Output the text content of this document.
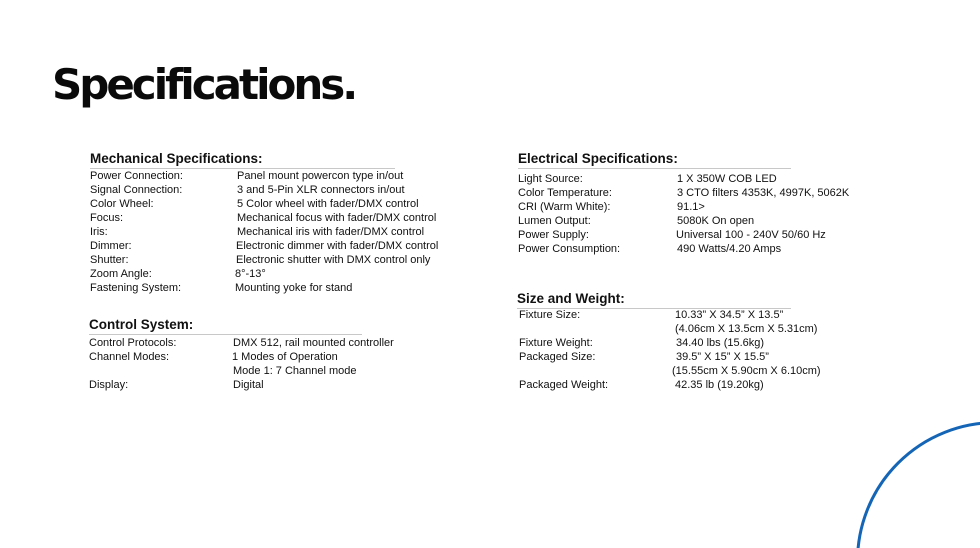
Specifications.
Mechanical Specifications:
Power Connection:	Panel mount powercon type in/out
Signal Connection:	3 and 5-Pin XLR connectors in/out
Color Wheel:	5 Color wheel with fader/DMX control
Focus:	Mechanical focus with fader/DMX control
Iris:	Mechanical iris with fader/DMX control
Dimmer:	Electronic dimmer with fader/DMX control
Shutter:	Electronic shutter with DMX control only
Zoom Angle:	8°-13°
Fastening System:	Mounting yoke for stand
Control System:
Control Protocols:	DMX 512, rail mounted controller
Channel Modes:	1 Modes of Operation
Mode 1: 7 Channel mode
Display:	Digital
Electrical Specifications:
Light Source:	1 X 350W COB LED
Color Temperature:	3 CTO filters 4353K, 4997K, 5062K
CRI (Warm White):	91.1>
Lumen Output:	5080K On open
Power Supply:	Universal 100 - 240V 50/60 Hz
Power Consumption:	490 Watts/4.20 Amps
Size and Weight:
Fixture Size:	10.33” X 34.5” X 13.5”
(4.06cm X 13.5cm X 5.31cm)
Fixture Weight:	34.40 lbs (15.6kg)
Packaged Size:	39.5” X 15” X 15.5”
(15.55cm X 5.90cm X 6.10cm)
Packaged Weight:	42.35 lb (19.20kg)
